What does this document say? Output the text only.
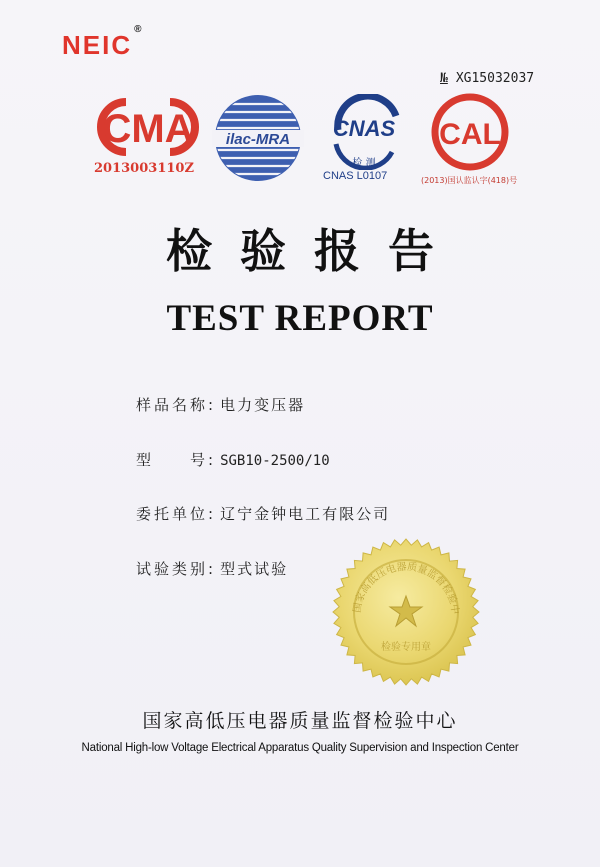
NEIC®
№ XG15032037
CMA
2013003110Z
ilac-MRA CNAS
检 测
CNAS L0107
CAL
(2013)国认监认字(418)号
检验报告
TEST REPORT
样品名称: 电力变压器
型　　号: SGB10-2500/10
委托单位: 辽宁金钟电工有限公司
试验类别: 型式试验
国家高低压电器质量监督检验中
检验专用章
国家高低压电器质量监督检验中心
National High-low Voltage Electrical Apparatus Quality Supervision and Inspection Center
